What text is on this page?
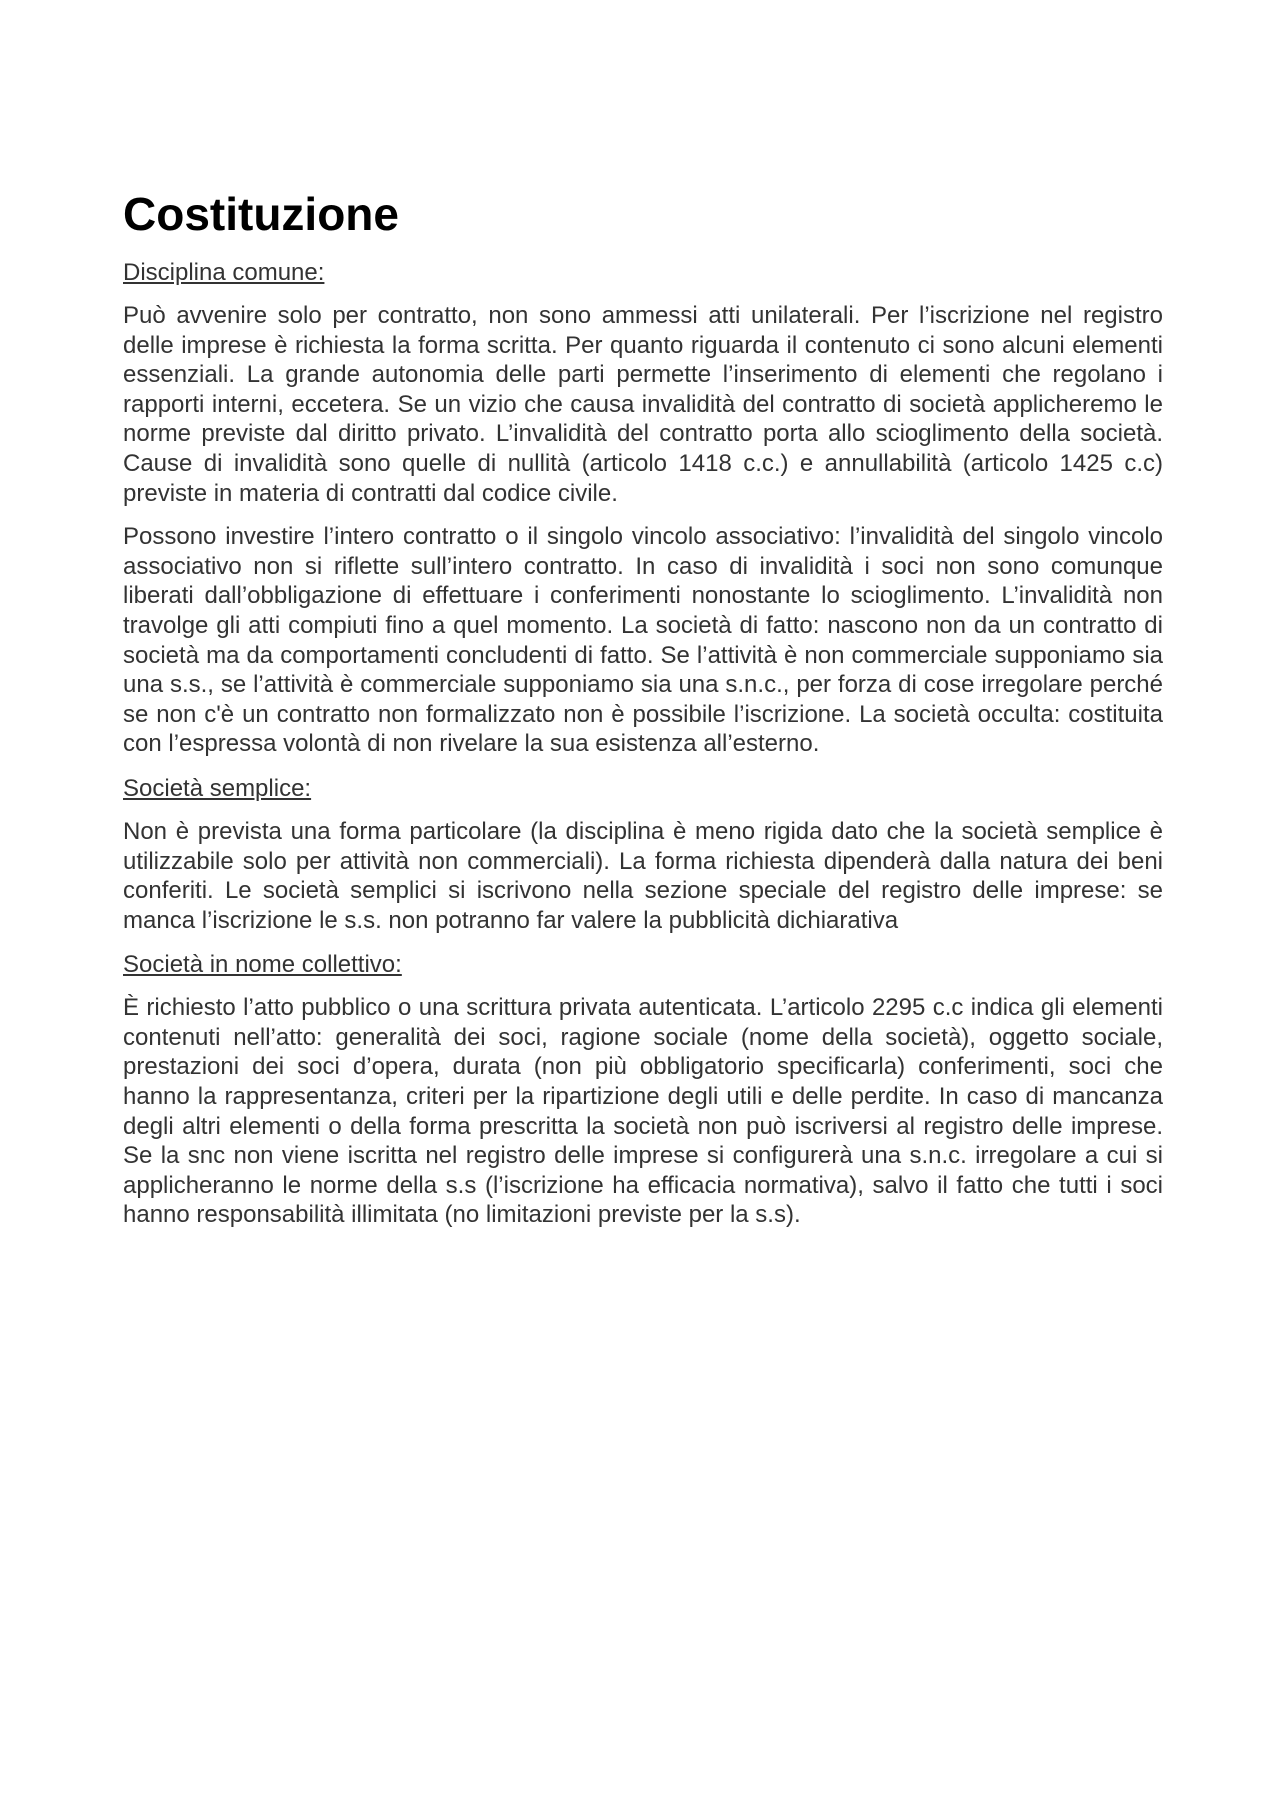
Costituzione
Disciplina comune:

Può avvenire solo per contratto, non sono ammessi atti unilaterali. Per l’iscrizione nel registro delle imprese è richiesta la forma scritta. Per quanto riguarda il contenuto ci sono alcuni elementi essenziali. La grande autonomia delle parti permette l’inserimento di elementi che regolano i rapporti interni, eccetera. Se un vizio che causa invalidità del contratto di società applicheremo le norme previste dal diritto privato. L’invalidità del contratto porta allo scioglimento della società. Cause di invalidità sono quelle di nullità (articolo 1418 c.c.) e annullabilità (articolo 1425 c.c) previste in materia di contratti dal codice civile.

Possono investire l’intero contratto o il singolo vincolo associativo: l’invalidità del singolo vincolo associativo non si riflette sull’intero contratto. In caso di invalidità i soci non sono comunque liberati dall’obbligazione di effettuare i conferimenti nonostante lo scioglimento. L’invalidità non travolge gli atti compiuti fino a quel momento. La società di fatto: nascono non da un contratto di società ma da comportamenti concludenti di fatto. Se l’attività è non commerciale supponiamo sia una s.s., se l’attività è commerciale supponiamo sia una s.n.c., per forza di cose irregolare perché se non c'è un contratto non formalizzato non è possibile l’iscrizione. La società occulta: costituita con l’espressa volontà di non rivelare la sua esistenza all’esterno.

Società semplice:

Non è prevista una forma particolare (la disciplina è meno rigida dato che la società semplice è utilizzabile solo per attività non commerciali). La forma richiesta dipenderà dalla natura dei beni conferiti. Le società semplici si iscrivono nella sezione speciale del registro delle imprese: se manca l’iscrizione le s.s. non potranno far valere la pubblicità dichiarativa

Società in nome collettivo:

È richiesto l’atto pubblico o una scrittura privata autenticata. L’articolo 2295 c.c indica gli elementi contenuti nell’atto: generalità dei soci, ragione sociale (nome della società), oggetto sociale, prestazioni dei soci d’opera, durata (non più obbligatorio specificarla) conferimenti, soci che hanno la rappresentanza, criteri per la ripartizione degli utili e delle perdite. In caso di mancanza degli altri elementi o della forma prescritta la società non può iscriversi al registro delle imprese. Se la snc non viene iscritta nel registro delle imprese si configurerà una s.n.c. irregolare a cui si applicheranno le norme della s.s (l’iscrizione ha efficacia normativa), salvo il fatto che tutti i soci hanno responsabilità illimitata (no limitazioni previste per la s.s).
